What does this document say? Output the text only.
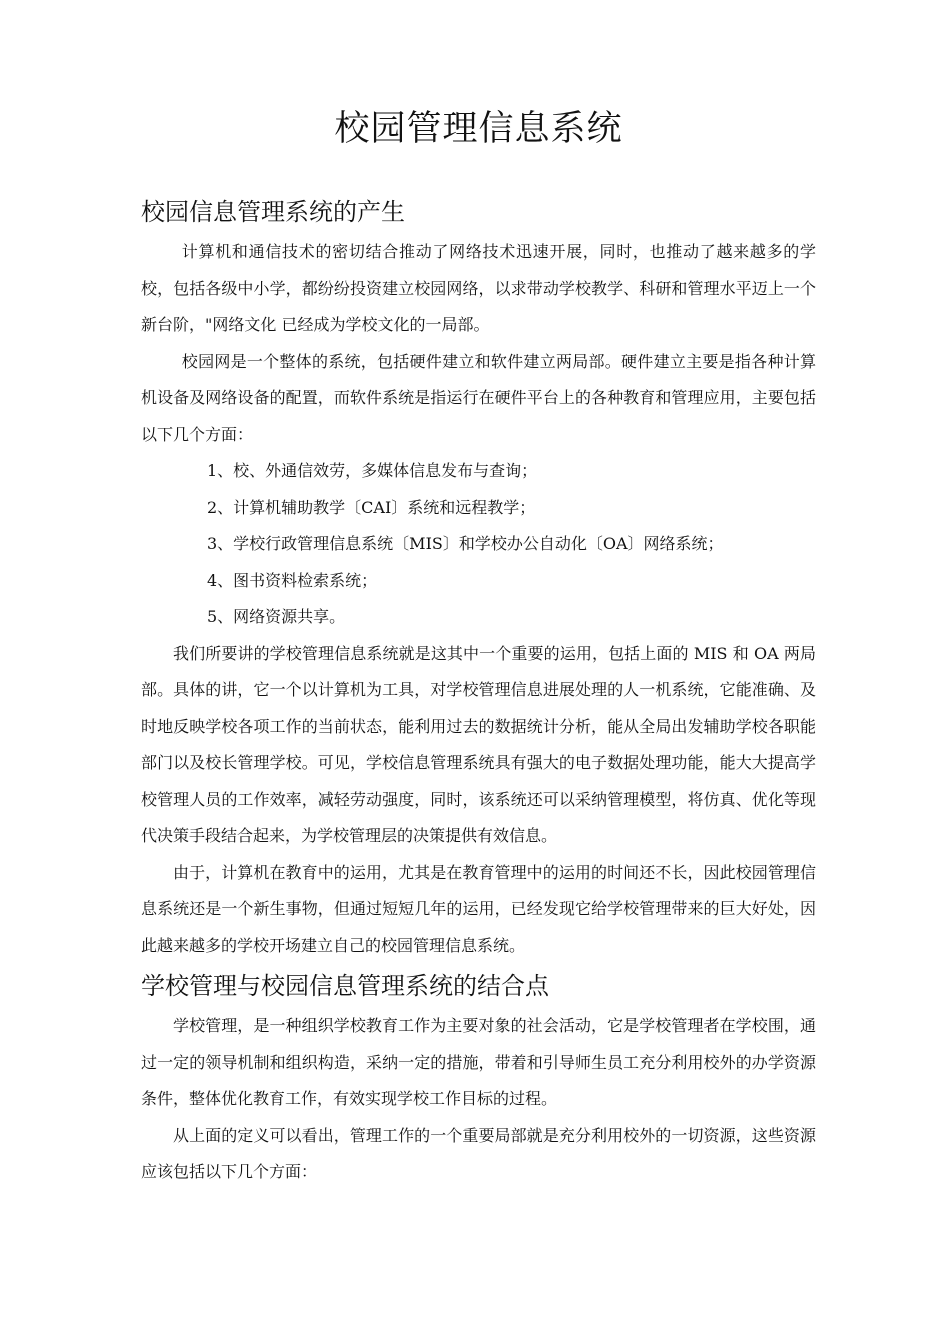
校园管理信息系统
校园信息管理系统的产生

计算机和通信技术的密切结合推动了网络技术迅速开展，同时，也推动了越来越多的学校，包括各级中小学，都纷纷投资建立校园网络，以求带动学校教学、科研和管理水平迈上一个新台阶，"网络文化 已经成为学校文化的一局部。

校园网是一个整体的系统，包括硬件建立和软件建立两局部。硬件建立主要是指各种计算机设备及网络设备的配置，而软件系统是指运行在硬件平台上的各种教育和管理应用，主要包括以下几个方面：

1、校、外通信效劳，多媒体信息发布与查询；

2、计算机辅助教学〔CAI〕系统和远程教学；

3、学校行政管理信息系统〔MIS〕和学校办公自动化〔OA〕网络系统；

4、图书资料检索系统；

5、网络资源共享。

我们所要讲的学校管理信息系统就是这其中一个重要的运用，包括上面的 MIS 和 OA 两局部。具体的讲，它一个以计算机为工具，对学校管理信息进展处理的人一机系统，它能准确、及时地反映学校各项工作的当前状态，能利用过去的数据统计分析，能从全局出发辅助学校各职能部门以及校长管理学校。可见，学校信息管理系统具有强大的电子数据处理功能，能大大提高学校管理人员的工作效率，减轻劳动强度，同时，该系统还可以采纳管理模型，将仿真、优化等现代决策手段结合起来，为学校管理层的决策提供有效信息。

由于，计算机在教育中的运用，尤其是在教育管理中的运用的时间还不长，因此校园管理信息系统还是一个新生事物，但通过短短几年的运用，已经发现它给学校管理带来的巨大好处，因此越来越多的学校开场建立自己的校园管理信息系统。

学校管理与校园信息管理系统的结合点

学校管理，是一种组织学校教育工作为主要对象的社会活动，它是学校管理者在学校围，通过一定的领导机制和组织构造，采纳一定的措施，带着和引导师生员工充分利用校外的办学资源条件，整体优化教育工作，有效实现学校工作目标的过程。

从上面的定义可以看出，管理工作的一个重要局部就是充分利用校外的一切资源，这些资源应该包括以下几个方面：
